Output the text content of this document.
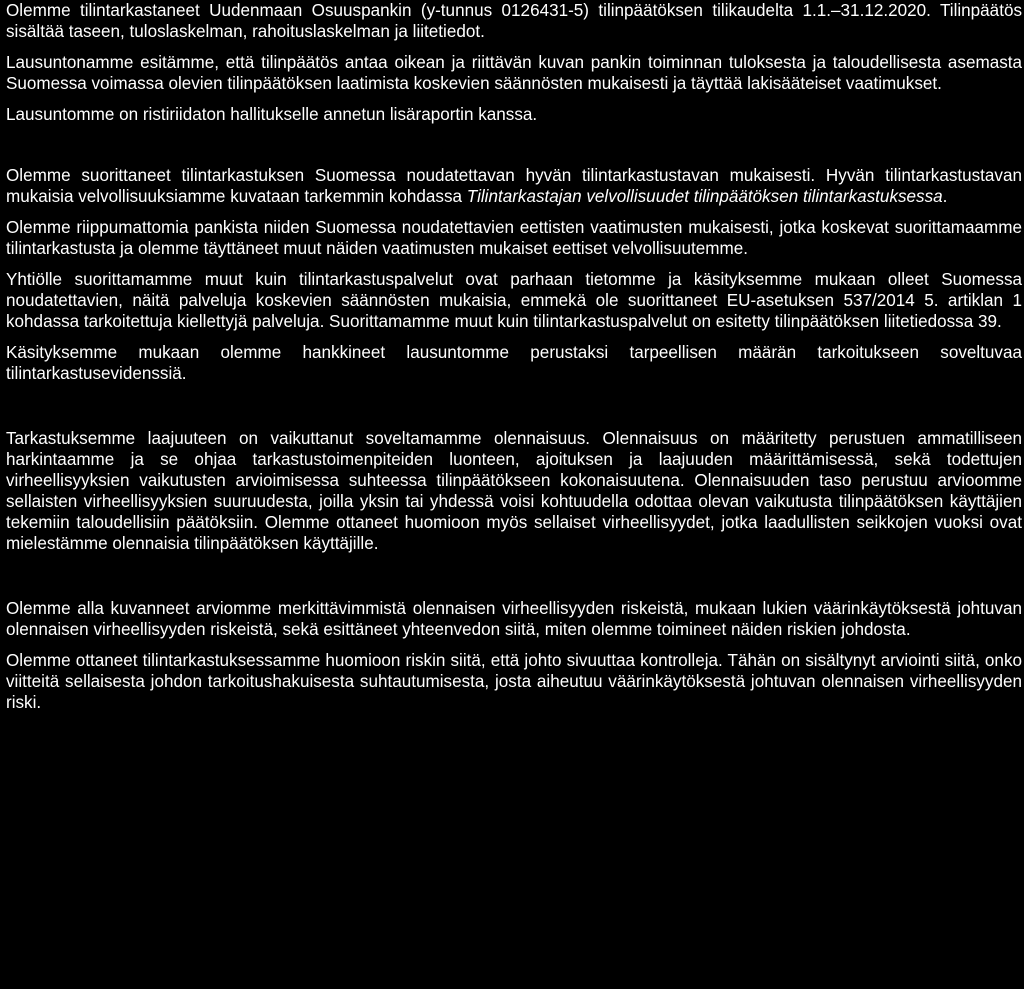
Olemme tilintarkastaneet Uudenmaan Osuuspankin (y-tunnus 0126431-5) tilinpäätöksen tilikaudelta 1.1.–31.12.2020. Tilinpäätös sisältää taseen, tuloslaskelman, rahoituslaskelman ja liitetiedot.

Lausuntonamme esitämme, että tilinpäätös antaa oikean ja riittävän kuvan pankin toiminnan tuloksesta ja taloudellisesta asemasta Suomessa voimassa olevien tilinpäätöksen laatimista koskevien säännösten mukaisesti ja täyttää lakisääteiset vaatimukset.

Lausuntomme on ristiriidaton hallitukselle annetun lisäraportin kanssa.

Olemme suorittaneet tilintarkastuksen Suomessa noudatettavan hyvän tilintarkastustavan mukaisesti. Hyvän tilintarkastustavan mukaisia velvollisuuksiamme kuvataan tarkemmin kohdassa Tilintarkastajan velvollisuudet tilinpäätöksen tilintarkastuksessa.

Olemme riippumattomia pankista niiden Suomessa noudatettavien eettisten vaatimusten mukaisesti, jotka koskevat suorittamaamme tilintarkastusta ja olemme täyttäneet muut näiden vaatimusten mukaiset eettiset velvollisuutemme.

Yhtiölle suorittamamme muut kuin tilintarkastuspalvelut ovat parhaan tietomme ja käsityksemme mukaan olleet Suomessa noudatettavien, näitä palveluja koskevien säännösten mukaisia, emmekä ole suorittaneet EU-asetuksen 537/2014 5. artiklan 1 kohdassa tarkoitettuja kiellettyjä palveluja. Suorittamamme muut kuin tilintarkastuspalvelut on esitetty tilinpäätöksen liitetiedossa 39.

Käsityksemme mukaan olemme hankkineet lausuntomme perustaksi tarpeellisen määrän tarkoitukseen soveltuvaa tilintarkastusevidenssiä.

Tarkastuksemme laajuuteen on vaikuttanut soveltamamme olennaisuus. Olennaisuus on määritetty perustuen ammatilliseen harkintaamme ja se ohjaa tarkastustoimenpiteiden luonteen, ajoituksen ja laajuuden määrittämisessä, sekä todettujen virheellisyyksien vaikutusten arvioimisessa suhteessa tilinpäätökseen kokonaisuutena. Olennaisuuden taso perustuu arvioomme sellaisten virheellisyyksien suuruudesta, joilla yksin tai yhdessä voisi kohtuudella odottaa olevan vaikutusta tilinpäätöksen käyttäjien tekemiin taloudellisiin päätöksiin. Olemme ottaneet huomioon myös sellaiset virheellisyydet, jotka laadullisten seikkojen vuoksi ovat mielestämme olennaisia tilinpäätöksen käyttäjille.

Olemme alla kuvanneet arviomme merkittävimmistä olennaisen virheellisyyden riskeistä, mukaan lukien väärinkäytöksestä johtuvan olennaisen virheellisyyden riskeistä, sekä esittäneet yhteenvedon siitä, miten olemme toimineet näiden riskien johdosta.

Olemme ottaneet tilintarkastuksessamme huomioon riskin siitä, että johto sivuuttaa kontrolleja. Tähän on sisältynyt arviointi siitä, onko viitteitä sellaisesta johdon tarkoitushakuisesta suhtautumisesta, josta aiheutuu väärinkäytöksestä johtuvan olennaisen virheellisyyden riski.
